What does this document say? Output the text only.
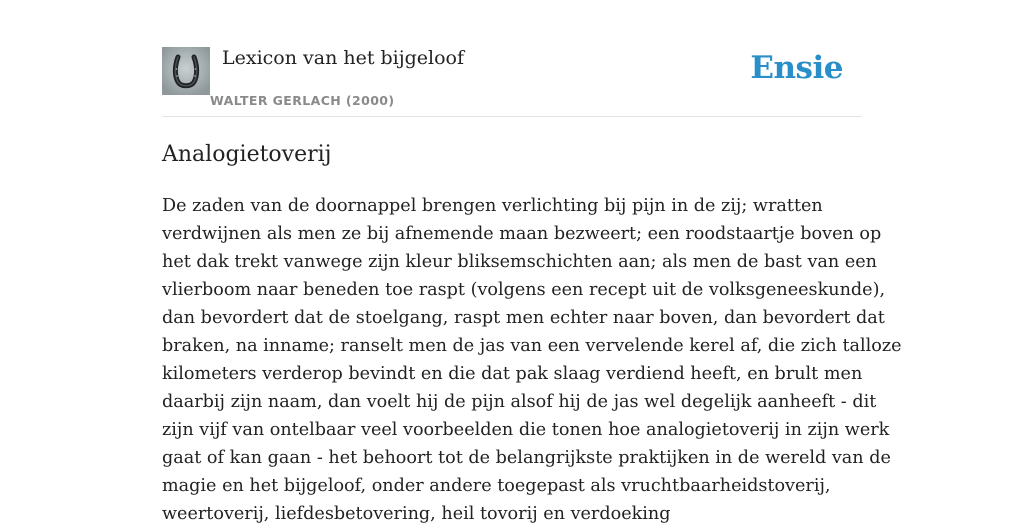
Lexicon van het bijgeloof
WALTER GERLACH (2000)
Ensie
Analogietoverij
De zaden van de doornappel brengen verlichting bij pijn in de zij; wratten
verdwijnen als men ze bij afnemende maan bezweert; een roodstaartje boven op
het dak trekt vanwege zijn kleur bliksemschichten aan; als men de bast van een
vlierboom naar beneden toe raspt (volgens een recept uit de volksgeneeskunde),
dan bevordert dat de stoelgang, raspt men echter naar boven, dan bevordert dat
braken, na inname; ranselt men de jas van een vervelende kerel af, die zich talloze
kilometers verderop bevindt en die dat pak slaag verdiend heeft, en brult men
daarbij zijn naam, dan voelt hij de pijn alsof hij de jas wel degelijk aanheeft - dit
zijn vijf van ontelbaar veel voorbeelden die tonen hoe analogietoverij in zijn werk
gaat of kan gaan - het behoort tot de belangrijkste praktijken in de wereld van de
magie en het bijgeloof, onder andere toegepast als vruchtbaarheidstoverij,
weertoverij, liefdesbetovering, heil tovorij en verdoeking
